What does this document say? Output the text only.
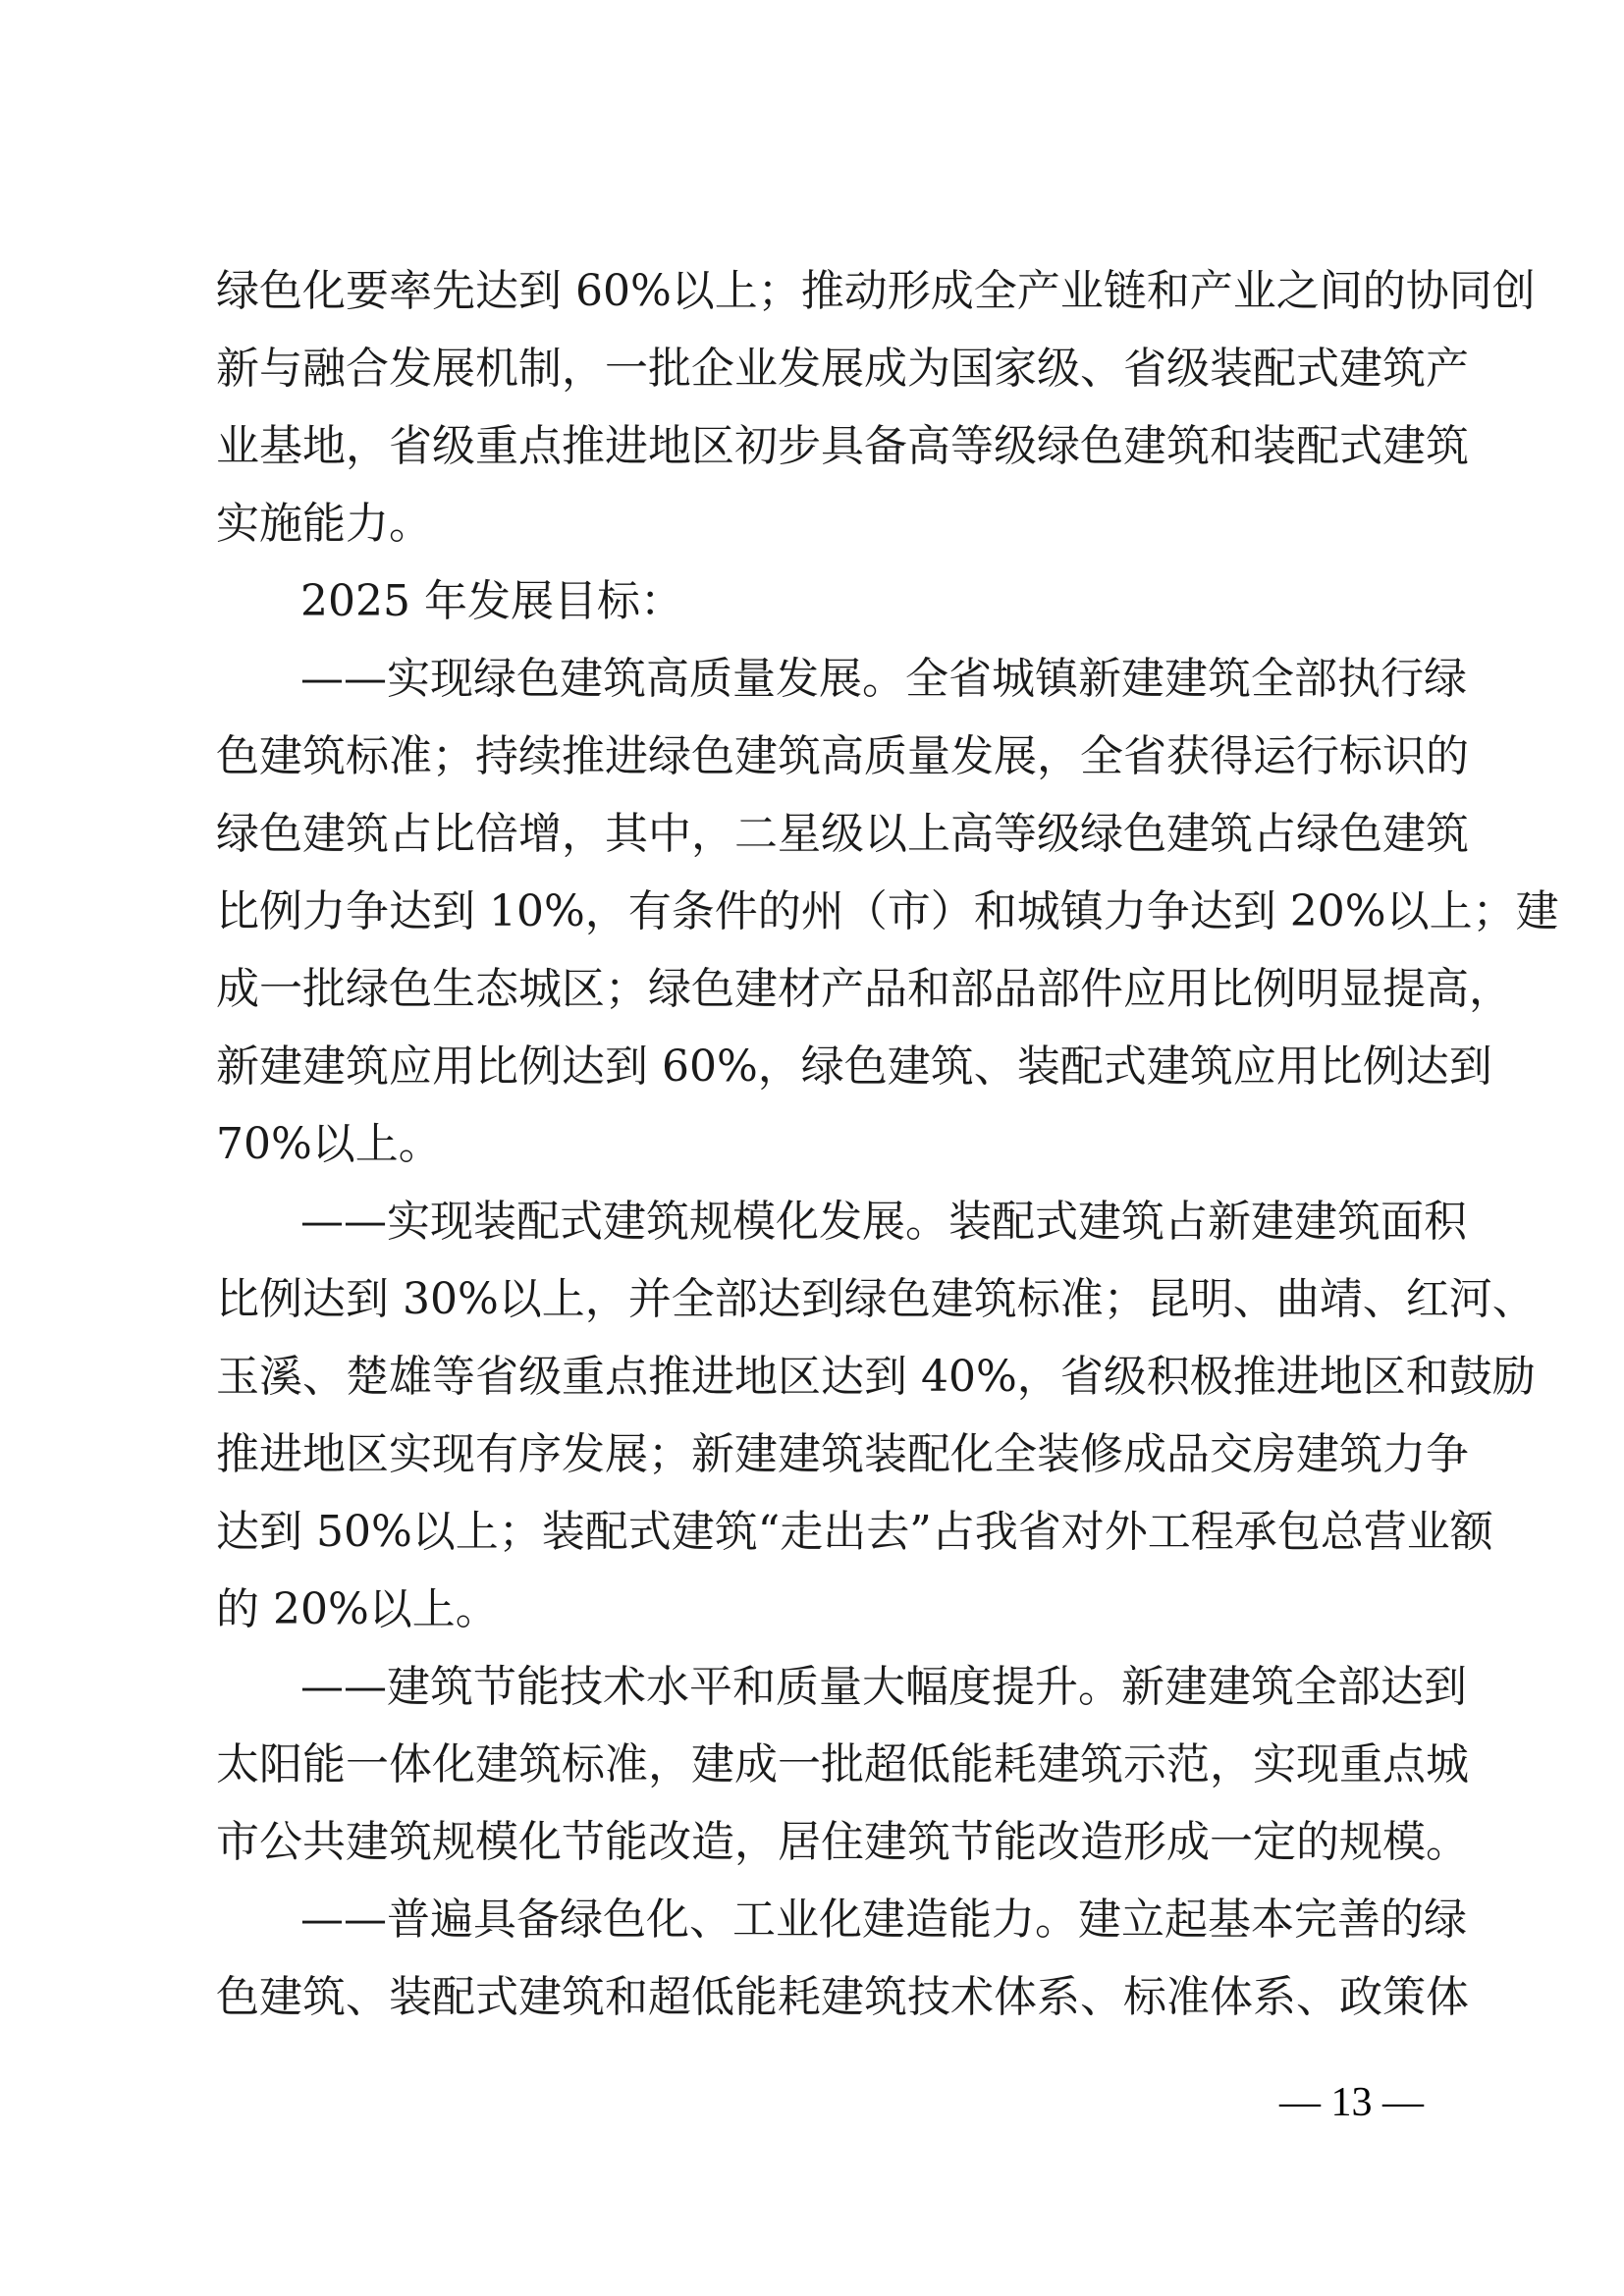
绿色化要率先达到 60%以上；推动形成全产业链和产业之间的协同创
新与融合发展机制，一批企业发展成为国家级、省级装配式建筑产
业基地，省级重点推进地区初步具备高等级绿色建筑和装配式建筑
实施能力。
2025 年发展目标：
——实现绿色建筑高质量发展。全省城镇新建建筑全部执行绿
色建筑标准；持续推进绿色建筑高质量发展，全省获得运行标识的
绿色建筑占比倍增，其中，二星级以上高等级绿色建筑占绿色建筑
比例力争达到 10%，有条件的州（市）和城镇力争达到 20%以上；建
成一批绿色生态城区；绿色建材产品和部品部件应用比例明显提高，
新建建筑应用比例达到 60%，绿色建筑、装配式建筑应用比例达到
70%以上。
——实现装配式建筑规模化发展。装配式建筑占新建建筑面积
比例达到 30%以上，并全部达到绿色建筑标准；昆明、曲靖、红河、
玉溪、楚雄等省级重点推进地区达到 40%，省级积极推进地区和鼓励
推进地区实现有序发展；新建建筑装配化全装修成品交房建筑力争
达到 50%以上；装配式建筑“走出去”占我省对外工程承包总营业额
的 20%以上。
——建筑节能技术水平和质量大幅度提升。新建建筑全部达到
太阳能一体化建筑标准，建成一批超低能耗建筑示范，实现重点城
市公共建筑规模化节能改造，居住建筑节能改造形成一定的规模。
色建筑、装配式建筑和超低能耗建筑技术体系、标准体系、政策体
——普遍具备绿色化、工业化建造能力。建立起基本完善的绿
— 13 —
